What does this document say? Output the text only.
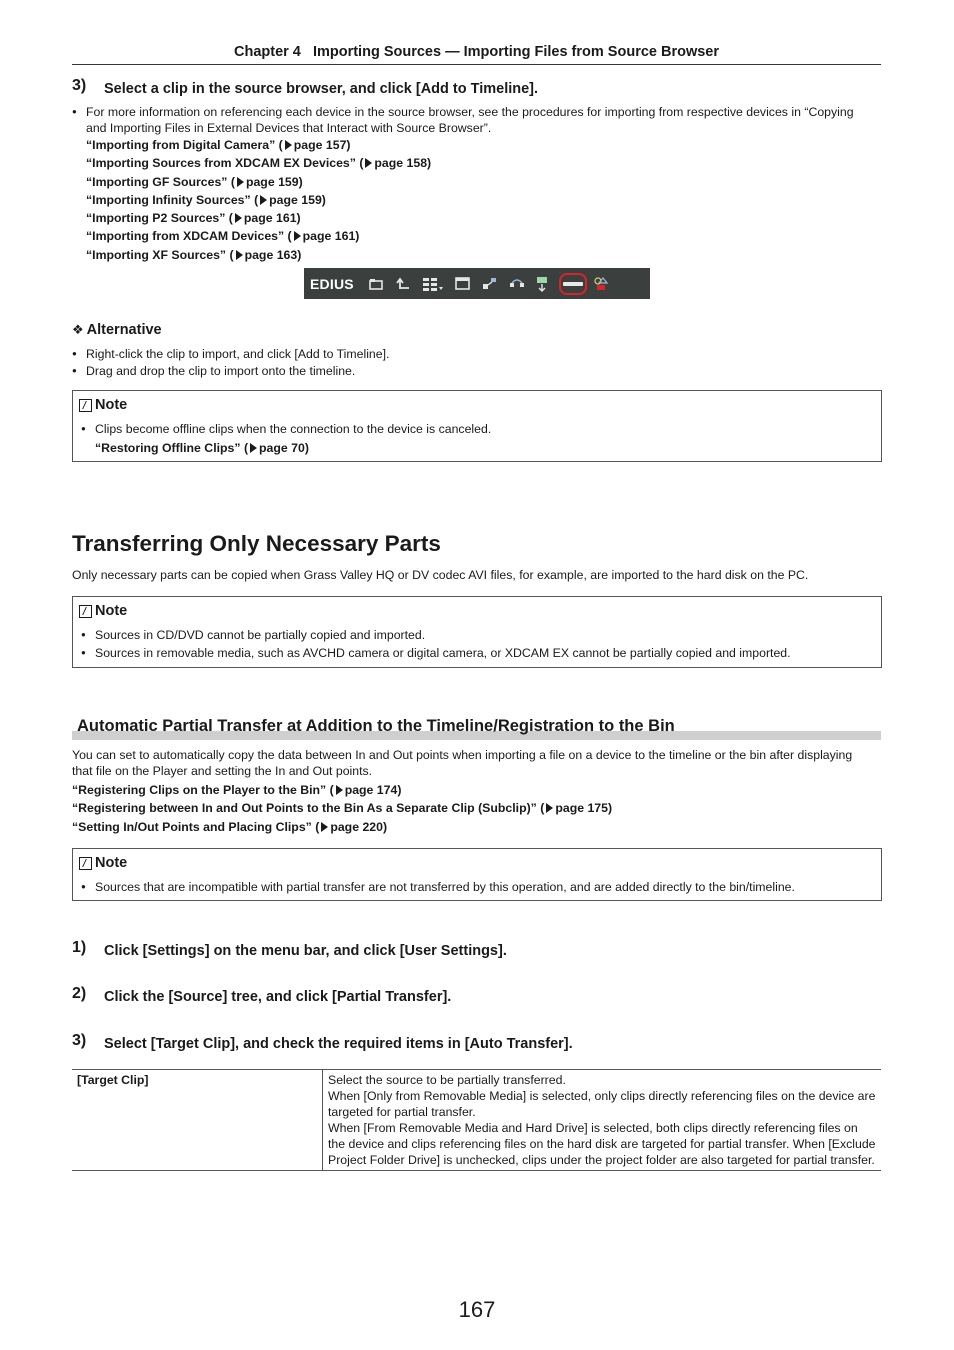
Chapter 4   Importing Sources — Importing Files from Source Browser
3) Select a clip in the source browser, and click [Add to Timeline].
● For more information on referencing each device in the source browser, see the procedures for importing from respective devices in “Copying and Importing Files in External Devices that Interact with Source Browser”.
“Importing from Digital Camera” ( page 157)
“Importing Sources from XDCAM EX Devices” ( page 158)
“Importing GF Sources” ( page 159)
“Importing Infinity Sources” ( page 159)
“Importing P2 Sources” ( page 161)
“Importing from XDCAM Devices” ( page 161)
“Importing XF Sources” ( page 163)
EDIUS
❖ Alternative
● Right-click the clip to import, and click [Add to Timeline].
● Drag and drop the clip to import onto the timeline.
Note
● Clips become offline clips when the connection to the device is canceled.
“Restoring Offline Clips” ( page 70)
Transferring Only Necessary Parts
Only necessary parts can be copied when Grass Valley HQ or DV codec AVI files, for example, are imported to the hard disk on the PC.
Note
● Sources in CD/DVD cannot be partially copied and imported.
● Sources in removable media, such as AVCHD camera or digital camera, or XDCAM EX cannot be partially copied and imported.
Automatic Partial Transfer at Addition to the Timeline/Registration to the Bin
You can set to automatically copy the data between In and Out points when importing a file on a device to the timeline or the bin after displaying that file on the Player and setting the In and Out points.
“Registering Clips on the Player to the Bin” ( page 174)
“Registering between In and Out Points to the Bin As a Separate Clip (Subclip)” ( page 175)
“Setting In/Out Points and Placing Clips” ( page 220)
Note
● Sources that are incompatible with partial transfer are not transferred by this operation, and are added directly to the bin/timeline.
1) Click [Settings] on the menu bar, and click [User Settings].
2) Click the [Source] tree, and click [Partial Transfer].
3) Select [Target Clip], and check the required items in [Auto Transfer].
[Target Clip]	Select the source to be partially transferred.
When [Only from Removable Media] is selected, only clips directly referencing files on the device are targeted for partial transfer.
When [From Removable Media and Hard Drive] is selected, both clips directly referencing files on the device and clips referencing files on the hard disk are targeted for partial transfer. When [Exclude Project Folder Drive] is unchecked, clips under the project folder are also targeted for partial transfer.
167
